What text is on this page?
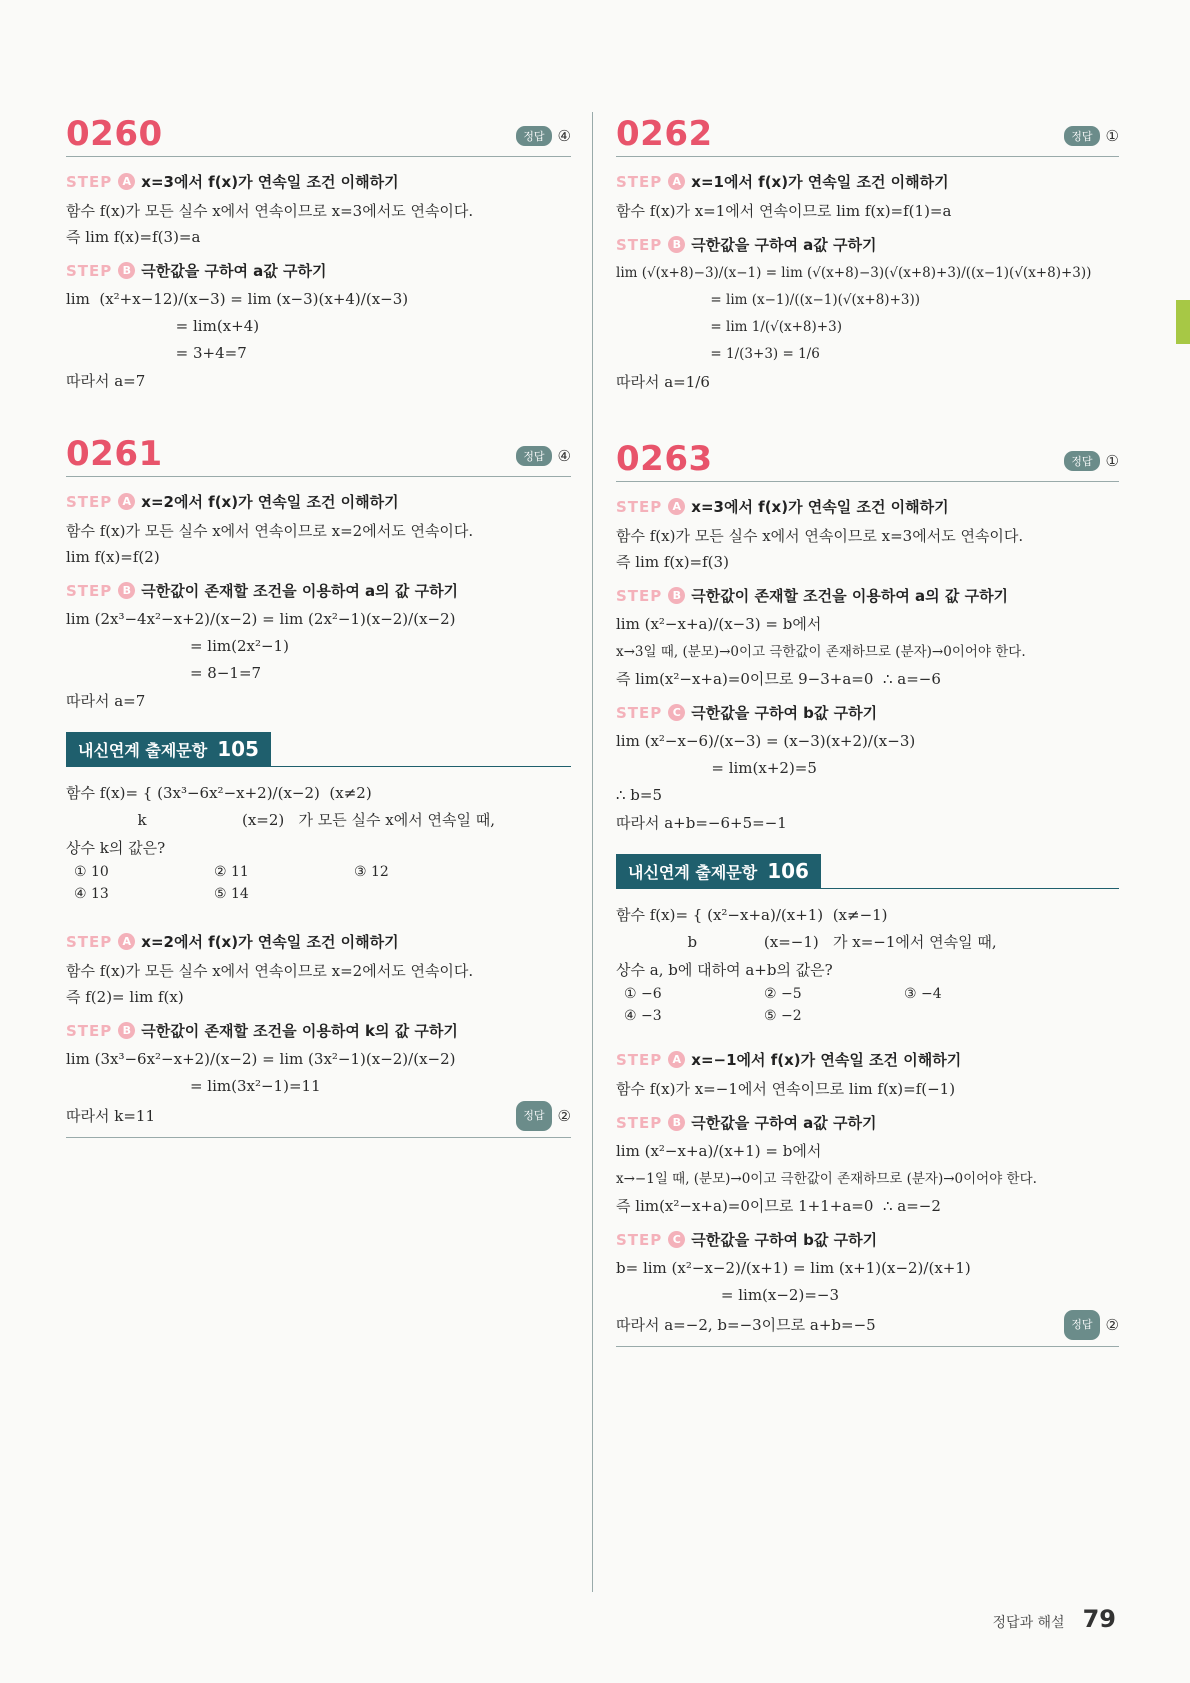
0260	정답 ④
STEP A x=3에서 f(x)가 연속일 조건 이해하기
함수 f(x)가 모든 실수 x에서 연속이므로 x=3에서도 연속이다.
즉 lim f(x)=f(3)=a
STEP B 극한값을 구하여 a값 구하기
lim  (x²+x−12)/(x−3) = lim (x−3)(x+4)/(x−3)
= lim(x+4)
= 3+4=7
따라서 a=7
0261	정답 ④
STEP A x=2에서 f(x)가 연속일 조건 이해하기
함수 f(x)가 모든 실수 x에서 연속이므로 x=2에서도 연속이다.
lim f(x)=f(2)
STEP B 극한값이 존재할 조건을 이용하여 a의 값 구하기
lim (2x³−4x²−x+2)/(x−2) = lim (2x²−1)(x−2)/(x−2)
= lim(2x²−1)
= 8−1=7
따라서 a=7
내신연계 출제문항 105
함수 f(x)= { (3x³−6x²−x+2)/(x−2)  (x≠2)
k                    (x=2)   가 모든 실수 x에서 연속일 때,
상수 k의 값은?
① 10	② 11	③ 12
④ 13	⑤ 14
STEP A x=2에서 f(x)가 연속일 조건 이해하기
함수 f(x)가 모든 실수 x에서 연속이므로 x=2에서도 연속이다.
즉 f(2)= lim f(x)
STEP B 극한값이 존재할 조건을 이용하여 k의 값 구하기
lim (3x³−6x²−x+2)/(x−2) = lim (3x²−1)(x−2)/(x−2)
= lim(3x²−1)=11
따라서 k=11	정답 ②
0262	정답 ①
STEP A x=1에서 f(x)가 연속일 조건 이해하기
함수 f(x)가 x=1에서 연속이므로 lim f(x)=f(1)=a
STEP B 극한값을 구하여 a값 구하기
lim (√(x+8)−3)/(x−1) = lim (√(x+8)−3)(√(x+8)+3)/((x−1)(√(x+8)+3))
= lim (x−1)/((x−1)(√(x+8)+3))
= lim 1/(√(x+8)+3)
= 1/(3+3) = 1/6
따라서 a=1/6
0263	정답 ①
STEP A x=3에서 f(x)가 연속일 조건 이해하기
함수 f(x)가 모든 실수 x에서 연속이므로 x=3에서도 연속이다.
즉 lim f(x)=f(3)
STEP B 극한값이 존재할 조건을 이용하여 a의 값 구하기
lim (x²−x+a)/(x−3) = b에서
x→3일 때, (분모)→0이고 극한값이 존재하므로 (분자)→0이어야 한다.
즉 lim(x²−x+a)=0이므로 9−3+a=0  ∴ a=−6
STEP C 극한값을 구하여 b값 구하기
lim (x²−x−6)/(x−3) = (x−3)(x+2)/(x−3)
= lim(x+2)=5
∴ b=5
따라서 a+b=−6+5=−1
내신연계 출제문항 106
함수 f(x)= { (x²−x+a)/(x+1)  (x≠−1)
b              (x=−1)   가 x=−1에서 연속일 때,
상수 a, b에 대하여 a+b의 값은?
① −6	② −5	③ −4
④ −3	⑤ −2
STEP A x=−1에서 f(x)가 연속일 조건 이해하기
함수 f(x)가 x=−1에서 연속이므로 lim f(x)=f(−1)
STEP B 극한값을 구하여 a값 구하기
lim (x²−x+a)/(x+1) = b에서
x→−1일 때, (분모)→0이고 극한값이 존재하므로 (분자)→0이어야 한다.
즉 lim(x²−x+a)=0이므로 1+1+a=0  ∴ a=−2
STEP C 극한값을 구하여 b값 구하기
b= lim (x²−x−2)/(x+1) = lim (x+1)(x−2)/(x+1)
= lim(x−2)=−3
따라서 a=−2, b=−3이므로 a+b=−5	정답 ②
정답과 해설 79
